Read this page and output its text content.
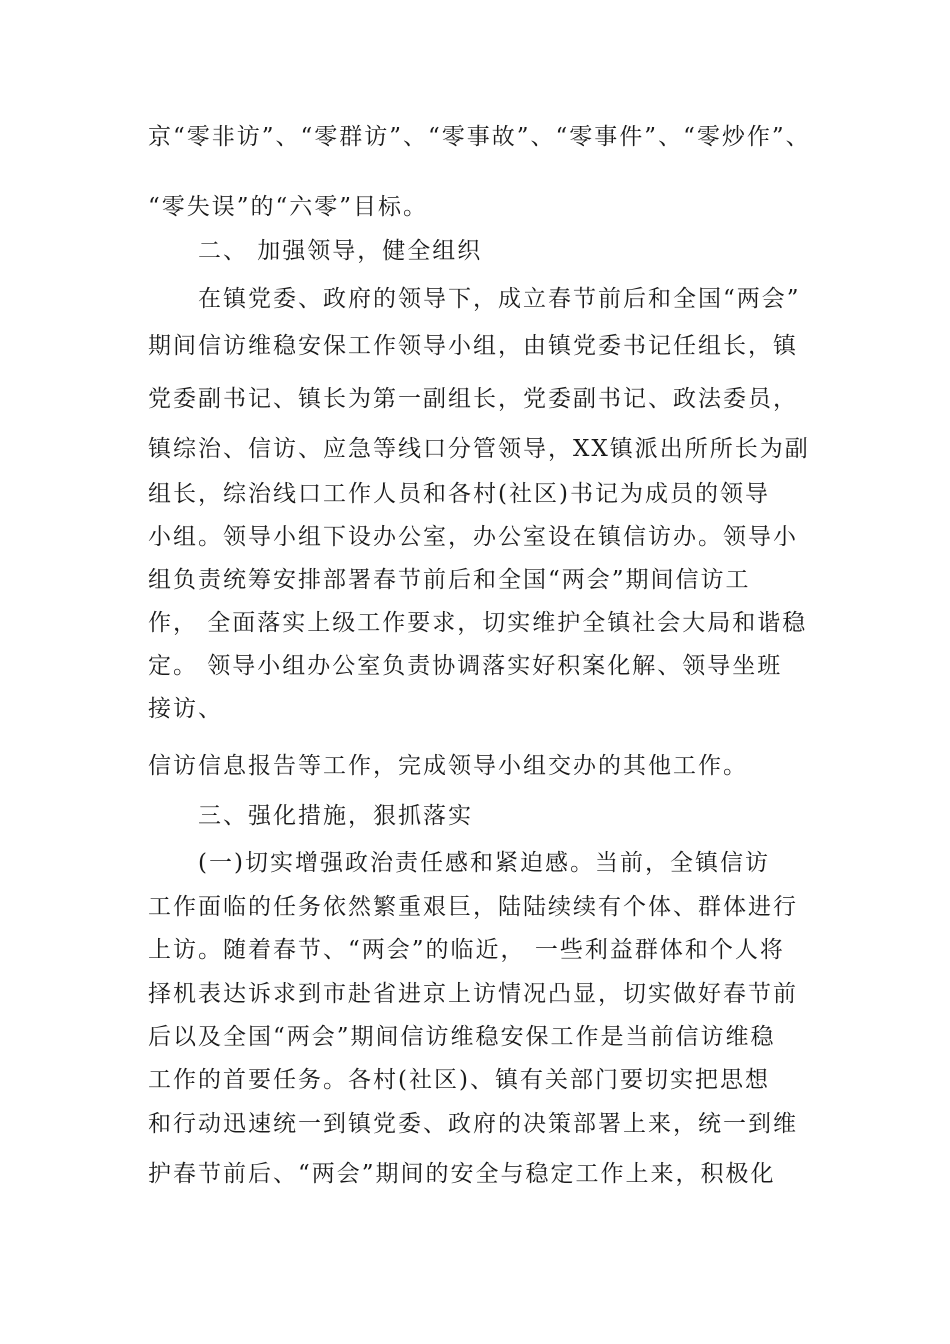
京“零非访”、“零群访”、“零事故”、“零事件”、“零炒作”、
“零失误”的“六零”目标。
二、 加强领导，健全组织
在镇党委、政府的领导下，成立春节前后和全国“两会”
期间信访维稳安保工作领导小组，由镇党委书记任组长，镇
党委副书记、镇长为第一副组长，党委副书记、政法委员，
镇综治、信访、应急等线口分管领导，XX镇派出所所长为副
组长，综治线口工作人员和各村(社区)书记为成员的领导
小组。领导小组下设办公室，办公室设在镇信访办。领导小
组负责统筹安排部署春节前后和全国“两会”期间信访工
作， 全面落实上级工作要求，切实维护全镇社会大局和谐稳
定。 领导小组办公室负责协调落实好积案化解、领导坐班
接访、
信访信息报告等工作，完成领导小组交办的其他工作。
三、强化措施，狠抓落实
(一)切实增强政治责任感和紧迫感。当前，全镇信访
工作面临的任务依然繁重艰巨，陆陆续续有个体、群体进行
上访。随着春节、“两会”的临近， 一些利益群体和个人将
择机表达诉求到市赴省进京上访情况凸显，切实做好春节前
后以及全国“两会”期间信访维稳安保工作是当前信访维稳
工作的首要任务。各村(社区)、镇有关部门要切实把思想
和行动迅速统一到镇党委、政府的决策部署上来，统一到维
护春节前后、“两会”期间的安全与稳定工作上来，积极化
